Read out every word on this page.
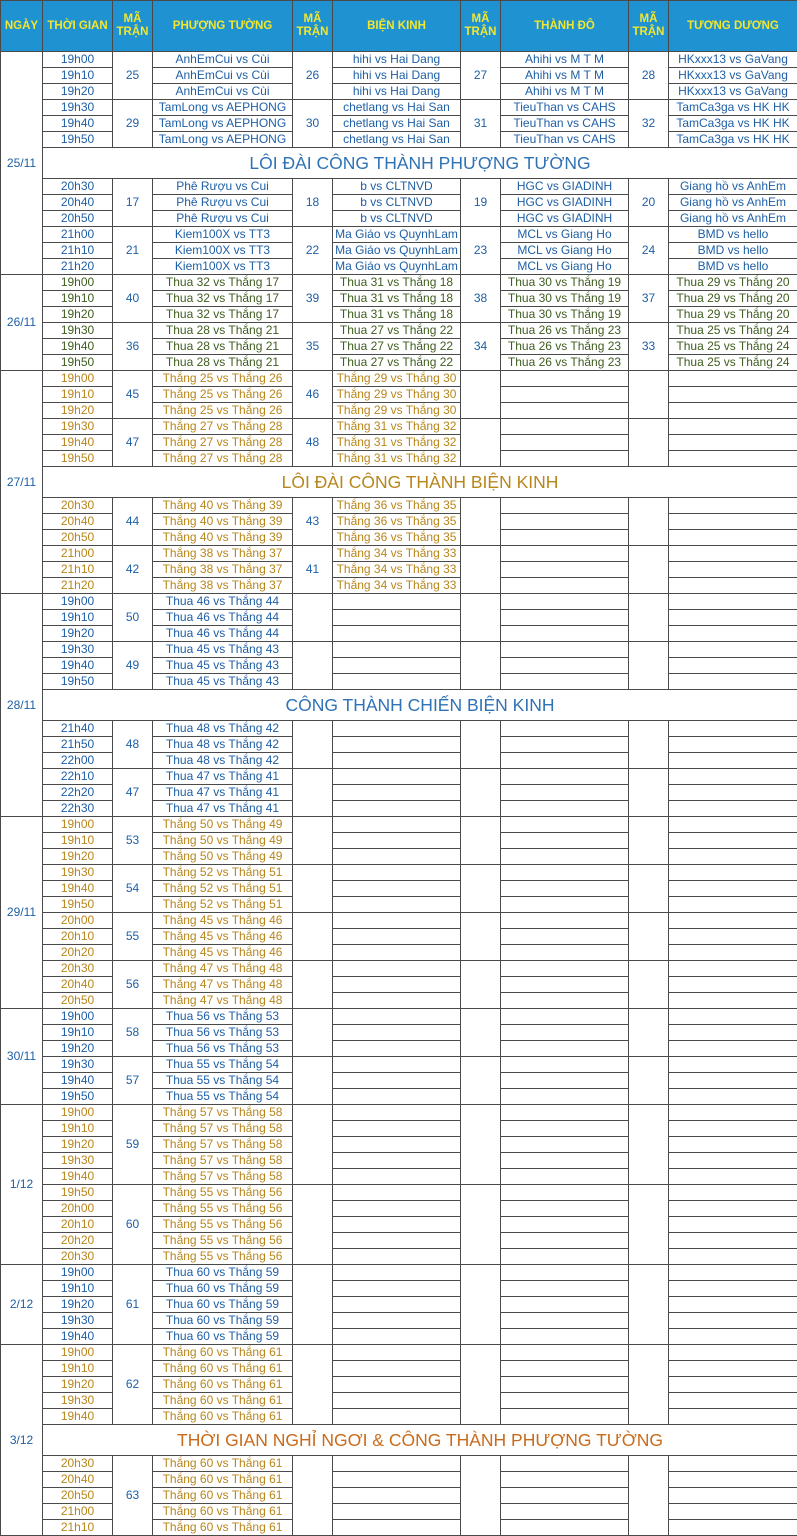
NGÀY	THỜI GIAN	MÃ TRẬN	PHƯỢNG TƯỜNG	MÃ TRẬN	BIỆN KINH	MÃ TRẬN	THÀNH ĐÔ	MÃ TRẬN	TƯƠNG DƯƠNG
25/11	19h00	25	AnhEmCui vs Cùi	26	hihi vs Hai Dang	27	Ahihi vs M T M	28	HKxxx13 vs GaVang
	19h10		AnhEmCui vs Cùi		hihi vs Hai Dang		Ahihi vs M T M		HKxxx13 vs GaVang
	19h20		AnhEmCui vs Cùi		hihi vs Hai Dang		Ahihi vs M T M		HKxxx13 vs GaVang
	19h30	29	TamLong vs AEPHONG	30	chetlang vs Hai San	31	TieuThan vs CAHS	32	TamCa3ga vs HK HK
	19h40		TamLong vs AEPHONG		chetlang vs Hai San		TieuThan vs CAHS		TamCa3ga vs HK HK
	19h50		TamLong vs AEPHONG		chetlang vs Hai San		TieuThan vs CAHS		TamCa3ga vs HK HK
	LÔI ĐÀI CÔNG THÀNH PHƯỢNG TƯỜNG								
	20h30	17	Phê Rượu vs Cui	18	b vs CLTNVD	19	HGC vs GIADINH	20	Giang hồ vs AnhEm
	20h40		Phê Rượu vs Cui		b vs CLTNVD		HGC vs GIADINH		Giang hồ vs AnhEm
	20h50		Phê Rượu vs Cui		b vs CLTNVD		HGC vs GIADINH		Giang hồ vs AnhEm
	21h00	21	Kiem100X vs TT3	22	Ma Giáo vs QuynhLam	23	MCL vs Giang Ho	24	BMD vs hello
	21h10		Kiem100X vs TT3		Ma Giáo vs QuynhLam		MCL vs Giang Ho		BMD vs hello
	21h20		Kiem100X vs TT3		Ma Giáo vs QuynhLam		MCL vs Giang Ho		BMD vs hello
26/11	19h00	40	Thua 32 vs Thắng 17	39	Thua 31 vs Thắng 18	38	Thua 30 vs Thắng 19	37	Thua 29 vs Thắng 20
	19h10		Thua 32 vs Thắng 17		Thua 31 vs Thắng 18		Thua 30 vs Thắng 19		Thua 29 vs Thắng 20
	19h20		Thua 32 vs Thắng 17		Thua 31 vs Thắng 18		Thua 30 vs Thắng 19		Thua 29 vs Thắng 20
	19h30	36	Thua 28 vs Thắng 21	35	Thua 27 vs Thắng 22	34	Thua 26 vs Thắng 23	33	Thua 25 vs Thắng 24
	19h40		Thua 28 vs Thắng 21		Thua 27 vs Thắng 22		Thua 26 vs Thắng 23		Thua 25 vs Thắng 24
	19h50		Thua 28 vs Thắng 21		Thua 27 vs Thắng 22		Thua 26 vs Thắng 23		Thua 25 vs Thắng 24
27/11	19h00	45	Thắng 25 vs Thắng 26	46	Thắng 29 vs Thắng 30				
	19h10		Thắng 25 vs Thắng 26		Thắng 29 vs Thắng 30				
	19h20		Thắng 25 vs Thắng 26		Thắng 29 vs Thắng 30				
	19h30	47	Thắng 27 vs Thắng 28	48	Thắng 31 vs Thắng 32				
	19h40		Thắng 27 vs Thắng 28		Thắng 31 vs Thắng 32				
	19h50		Thắng 27 vs Thắng 28		Thắng 31 vs Thắng 32				
	LÔI ĐÀI CÔNG THÀNH BIỆN KINH								
	20h30	44	Thắng 40 vs Thắng 39	43	Thắng 36 vs Thắng 35				
	20h40		Thắng 40 vs Thắng 39		Thắng 36 vs Thắng 35				
	20h50		Thắng 40 vs Thắng 39		Thắng 36 vs Thắng 35				
	21h00	42	Thắng 38 vs Thắng 37	41	Thắng 34 vs Thắng 33				
	21h10		Thắng 38 vs Thắng 37		Thắng 34 vs Thắng 33				
	21h20		Thắng 38 vs Thắng 37		Thắng 34 vs Thắng 33				
28/11	19h00	50	Thua 46 vs Thắng 44						
	19h10		Thua 46 vs Thắng 44						
	19h20		Thua 46 vs Thắng 44						
	19h30	49	Thua 45 vs Thắng 43						
	19h40		Thua 45 vs Thắng 43						
	19h50		Thua 45 vs Thắng 43						
	CÔNG THÀNH CHIẾN BIỆN KINH								
	21h40	48	Thua 48 vs Thắng 42						
	21h50		Thua 48 vs Thắng 42						
	22h00		Thua 48 vs Thắng 42						
	22h10	47	Thua 47 vs Thắng 41						
	22h20		Thua 47 vs Thắng 41						
	22h30		Thua 47 vs Thắng 41						
29/11	19h00	53	Thắng 50 vs Thắng 49						
	19h10		Thắng 50 vs Thắng 49						
	19h20		Thắng 50 vs Thắng 49						
	19h30	54	Thắng 52 vs Thắng 51						
	19h40		Thắng 52 vs Thắng 51						
	19h50		Thắng 52 vs Thắng 51						
	20h00	55	Thắng 45 vs Thắng 46						
	20h10		Thắng 45 vs Thắng 46						
	20h20		Thắng 45 vs Thắng 46						
	20h30	56	Thắng 47 vs Thắng 48						
	20h40		Thắng 47 vs Thắng 48						
	20h50		Thắng 47 vs Thắng 48						
30/11	19h00	58	Thua 56 vs Thắng 53						
	19h10		Thua 56 vs Thắng 53						
	19h20		Thua 56 vs Thắng 53						
	19h30	57	Thua 55 vs Thắng 54						
	19h40		Thua 55 vs Thắng 54						
	19h50		Thua 55 vs Thắng 54						
1/12	19h00	59	Thắng 57 vs Thắng 58						
	19h10		Thắng 57 vs Thắng 58						
	19h20		Thắng 57 vs Thắng 58						
	19h30		Thắng 57 vs Thắng 58						
	19h40		Thắng 57 vs Thắng 58						
	19h50	60	Thắng 55 vs Thắng 56						
	20h00		Thắng 55 vs Thắng 56						
	20h10		Thắng 55 vs Thắng 56						
	20h20		Thắng 55 vs Thắng 56						
	20h30		Thắng 55 vs Thắng 56						
2/12	19h00	61	Thua 60 vs Thắng 59						
	19h10		Thua 60 vs Thắng 59						
	19h20		Thua 60 vs Thắng 59						
	19h30		Thua 60 vs Thắng 59						
	19h40		Thua 60 vs Thắng 59						
3/12	19h00	62	Thắng 60 vs Thắng 61						
	19h10		Thắng 60 vs Thắng 61						
	19h20		Thắng 60 vs Thắng 61						
	19h30		Thắng 60 vs Thắng 61						
	19h40		Thắng 60 vs Thắng 61						
	THỜI GIAN NGHỈ NGƠI & CÔNG THÀNH PHƯỢNG TƯỜNG								
	20h30	63	Thắng 60 vs Thắng 61						
	20h40		Thắng 60 vs Thắng 61						
	20h50		Thắng 60 vs Thắng 61						
	21h00		Thắng 60 vs Thắng 61						
	21h10		Thắng 60 vs Thắng 61						
